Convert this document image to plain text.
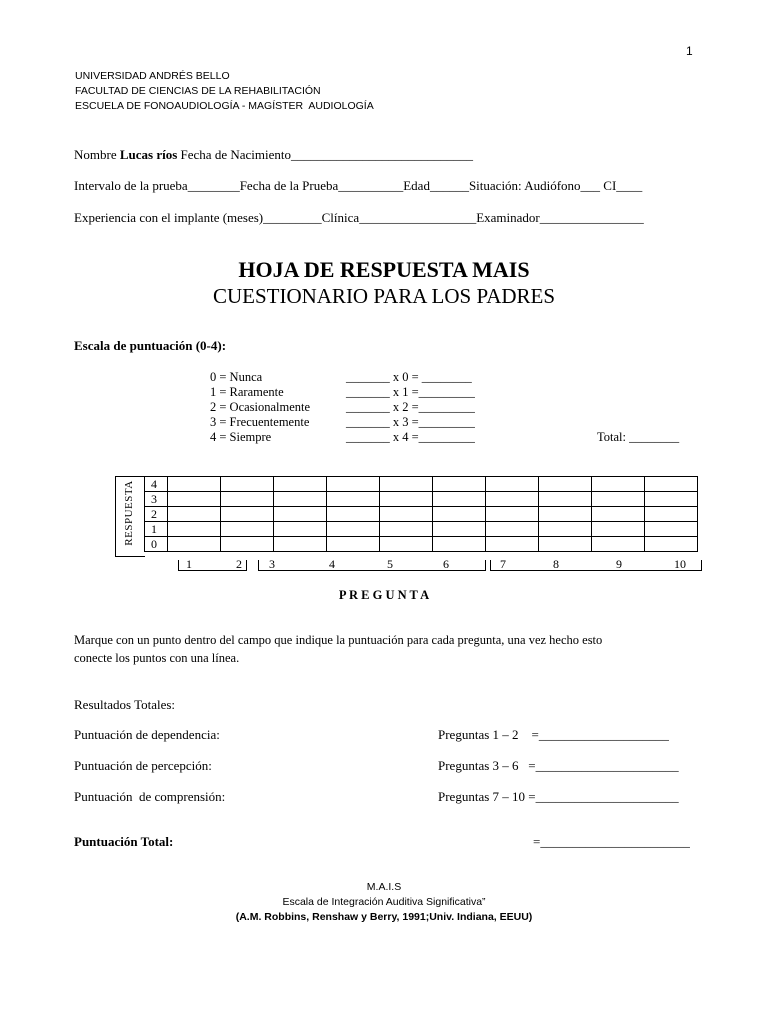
1
UNIVERSIDAD ANDRÉS BELLO
FACULTAD DE CIENCIAS DE LA REHABILITACIÓN
ESCUELA DE FONOAUDIOLOGÍA - MAGÍSTER  AUDIOLOGÍA
Nombre Lucas ríos Fecha de Nacimiento____________________________
Intervalo de la prueba________Fecha de la Prueba__________Edad______Situación: Audiófono___ CI____
Experiencia con el implante (meses)_________Clínica__________________Examinador________________
HOJA DE RESPUESTA MAIS
CUESTIONARIO PARA LOS PADRES
Escala de puntuación (0-4):
0 = Nunca	_______ x 0 = ________
1 = Raramente	_______ x 1 =_________
2 = Ocasionalmente	_______ x 2 =_________
3 = Frecuentemente	_______ x 3 =_________
4 = Siempre	_______ x 4 =_________	Total: ________
RESPUESTA 4										
3										
2										
1										
0										
1	2 3	4	5	6	7	8	9	10
P R E G U N T A
Marque con un punto dentro del campo que indique la puntuación para cada pregunta, una vez hecho esto
conecte los puntos con una línea.
Resultados Totales:
Puntuación de dependencia:	Preguntas 1 – 2    =____________________
Puntuación de percepción:	Preguntas 3 – 6   =______________________
Puntuación  de comprensión:	Preguntas 7 – 10 =______________________
Puntuación Total:	=_______________________
M.A.I.S
Escala de Integración Auditiva Significativa”
(A.M. Robbins, Renshaw y Berry, 1991;Univ. Indiana, EEUU)
